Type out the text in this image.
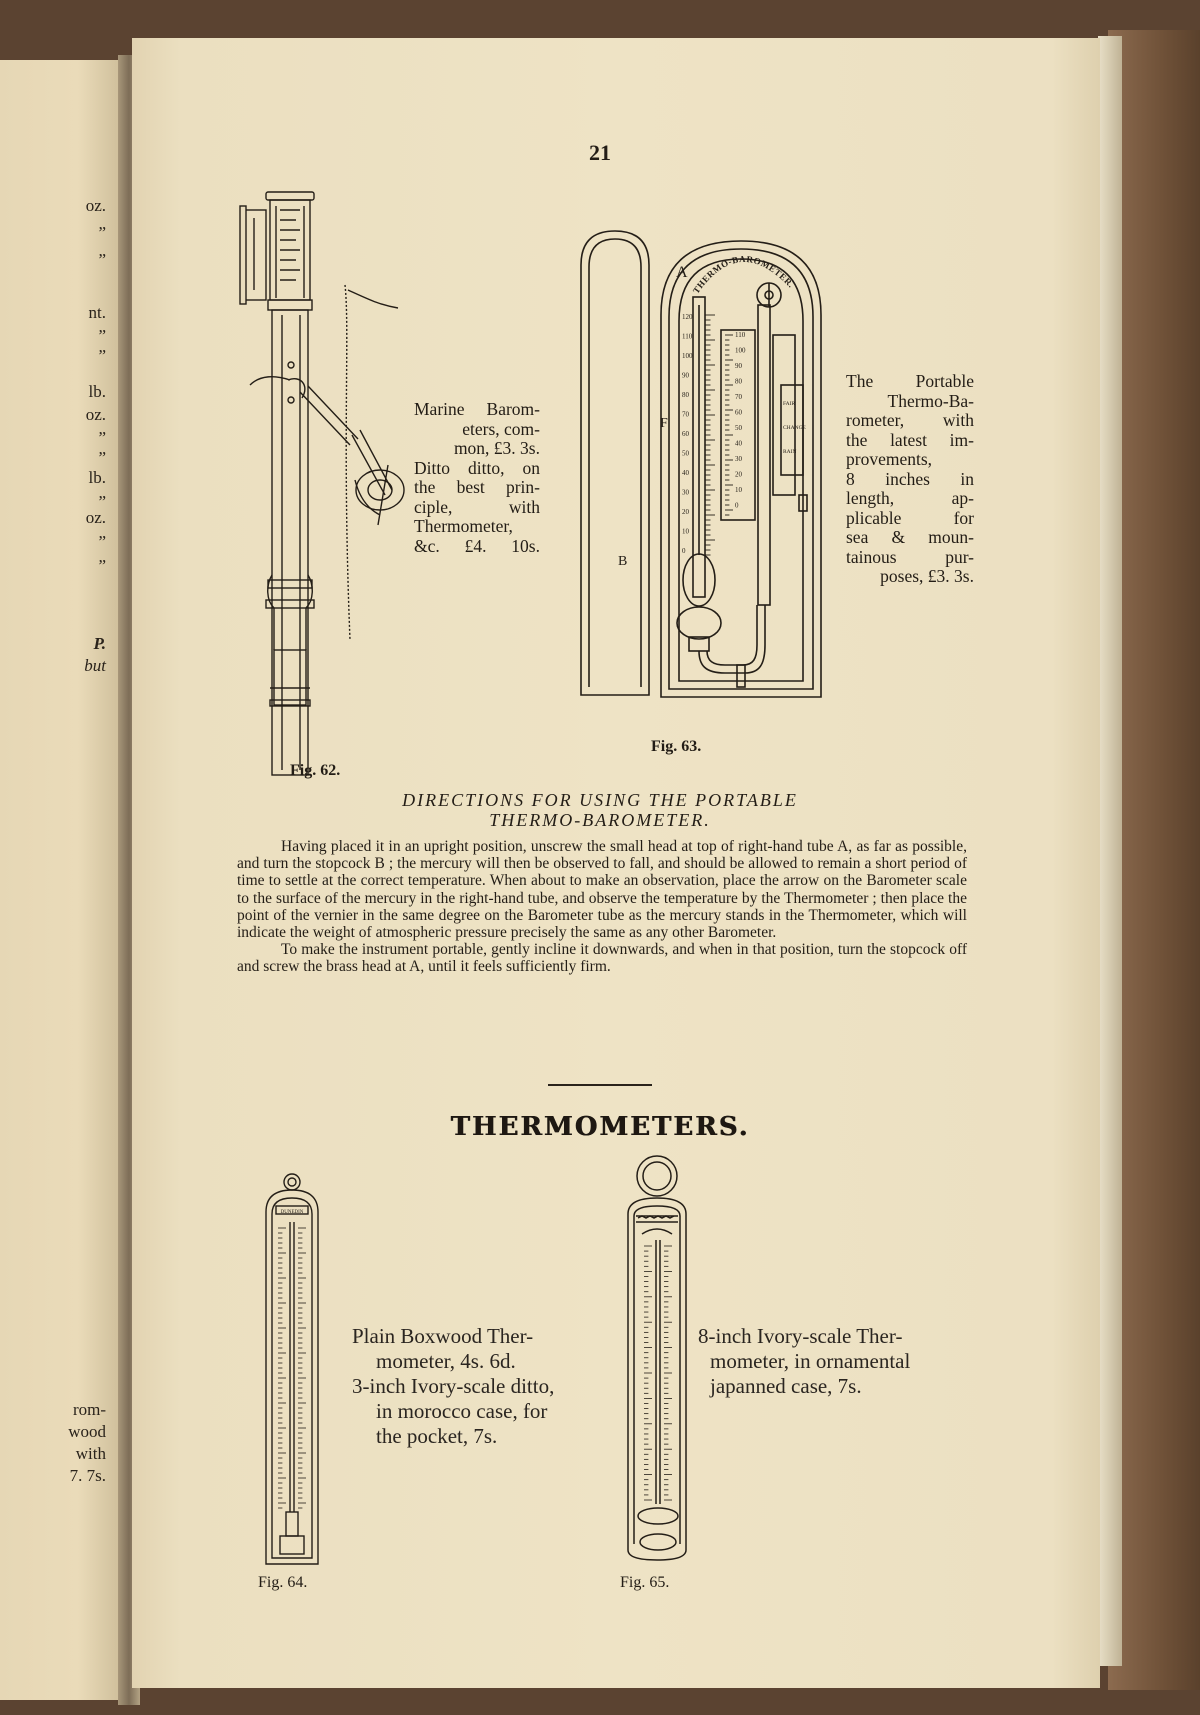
oz.
”
”
nt.
”
”
lb.
oz.
”
”
lb.
”
oz.
”
”
P.
but
rom-
wood
with
7. 7s.
21
Marine Barom-
eters, com-
mon, £3. 3s.
Ditto ditto, on
the best prin-
ciple, with
Thermometer,
&c. £4. 10s.
Fig. 62.
120
110
100
90
80
70
60
50
40
30
20
10
0
110
100
90
80
70
60
50
40
30
20
10
0
FAIR
CHANGE
RAIN
THERMO-BAROMETER.
A
B
F
Fig. 63.
The Portable
Thermo-Ba-
rometer, with
the latest im-
provements,
8 inches in
length, ap-
plicable for
sea & moun-
tainous pur-
poses, £3. 3s.
DIRECTIONS FOR USING THE PORTABLE
THERMO-BAROMETER.

Having placed it in an upright position, unscrew the small head at top of right-hand tube A, as far as possible, and turn the stopcock B ; the mercury will then be observed to fall, and should be allowed to remain a short period of time to settle at the correct temperature. When about to make an observation, place the arrow on the Barometer scale to the surface of the mercury in the right-hand tube, and observe the temperature by the Thermometer ; then place the point of the vernier in the same degree on the Barometer tube as the mercury stands in the Thermometer, which will indicate the weight of atmospheric pressure precisely the same as any other Barometer.

To make the instrument portable, gently incline it downwards, and when in that position, turn the stopcock off and screw the brass head at A, until it feels sufficiently firm.

THERMOMETERS.
DUNEDIN
Fig. 64.
Plain Boxwood Ther-
mometer, 4s. 6d.
3-inch Ivory-scale ditto,
in morocco case, for
the pocket, 7s.
Fig. 65.
8-inch Ivory-scale Ther-
mometer, in ornamental
japanned case, 7s.
